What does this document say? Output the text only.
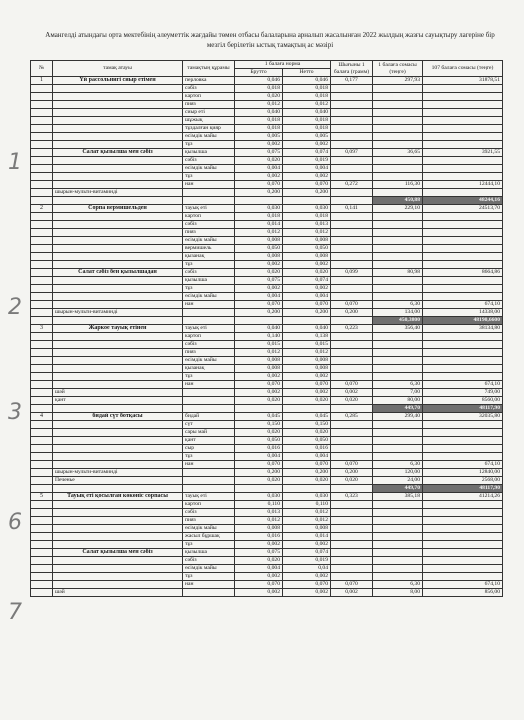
Амангелді атындағы орта мектебінің әлеуметтік жағдайы төмен отбасы балаларына арналып жасалынған 2022 жылдың жазғы сауықтыру лагеріне бір мезгіл берілетін ыстық тамақтың ас мәзірі
№	тамақ атауы	тамақтың құрамы	1 балаға норма		Шығыны 1 балаға (грамм)	1 балаға сомасы (теңге)	107 балаға сомасы (теңге)
			Брутто	Нетто			
1	Үй рассольнигі сиыр етімен	перловка	0,046	0,046	0,177	297,93	31878,51
		сәбіз	0,018	0,018			
		картоп	0,020	0,018			
		пияз	0,012	0,012			
		сиыр еті	0,040	0,040			
		шұжық	0,018	0,018			
		тұздалған қияр	0,018	0,018			
		өсімдік майы	0,005	0,005			
		тұз	0,002	0,002			
	Салат қызылша мен сәбіз	қызылша	0,075	0,074	0,097	36,65	3921,55
		сәбіз	0,020	0,019			
		өсімдік майы	0,004	0,004			
		тұз	0,002	0,002			
		нан	0,070	0,070	0,272	116,30	12444,10
	шырын-мульти-витаминді		0,200	0,200			
						450,88	48244,16
2	Сорпа вермишельден	тауық еті	0,030	0,030	0,141	229,10	24513,70
		картоп	0,018	0,018			
		сәбіз	0,014	0,013			
		пияз	0,012	0,012			
		өсімдік майы	0,008	0,008			
		вермишель	0,050	0,050			
		қызанақ	0,008	0,008			
		тұз	0,002	0,002			
	Салат сәбіз бен қызылшадан	сәбіз	0,020	0,020	0,099	80,98	8664,86
		қызылша	0,075	0,074			
		тұз	0,002	0,002			
		өсімдік майы	0,004	0,004			
		нан	0,070	0,070	0,070	6,30	674,10
	шырын-мульти-витаминді		0,200	0,200	0,200	134,00	14338,00
						450,3800	48190,6600
3	Жаркое тауық етінен	тауық еті	0,040	0,040	0,223	356,40	38134,80
		картоп	0,140	0,138			
		сәбіз	0,015	0,015			
		пияз	0,012	0,012			
		өсімдік майы	0,008	0,008			
		қызанақ	0,008	0,008			
		тұз	0,002	0,002			
		нан	0,070	0,070	0,070	6,30	674,10
	шәй		0,002	0,002	0,002	7,00	749,00
	қант		0,020	0,020	0,020	80,00	8560,00
						449,70	48117,90
4	бидай сүт ботқасы	бидай	0,045	0,045	0,285	299,40	32035,80
		сүт	0,150	0,150			
		сары май	0,020	0,020			
		қант	0,050	0,050			
		сыр	0,016	0,016			
		тұз	0,004	0,004			
		нан	0,070	0,070	0,070	6,30	674,10
	шырын-мульти-витаминді		0,200	0,200	0,200	120,00	12840,00
	Печенье		0,020	0,020	0,020	24,00	2568,00
						449,70	48117,90
5	Тауық еті қосылған көкөніс сорпасы	тауық еті	0,030	0,030	0,323	385,18	41214,26
		картоп	0,110	0,110			
		сәбіз	0,013	0,012			
		пияз	0,012	0,012			
		өсімдік майы	0,008	0,008			
		жасыл бұршақ	0,016	0,014			
		тұз	0,002	0,002			
	Салат қызылша мен сәбіз	қызылша	0,075	0,074			
		сәбіз	0,020	0,019			
		өсімдік майы	0,004	0,04			
		тұз	0,002	0,002			
		нан	0,070	0,070	0,070	6,30	674,10
	шәй		0,002	0,002	0,002	8,00	856,00
1
2
3
6
7
